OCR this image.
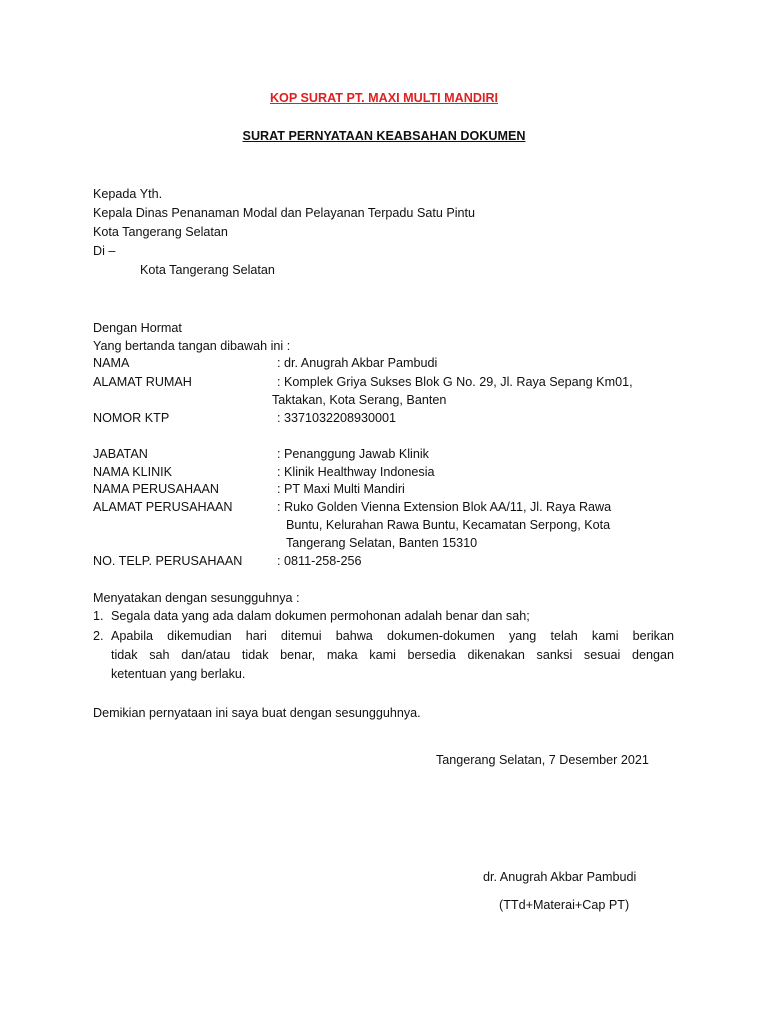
KOP SURAT PT. MAXI MULTI MANDIRI
SURAT PERNYATAAN KEABSAHAN DOKUMEN
Kepada Yth.
Kepala Dinas Penanaman Modal dan Pelayanan Terpadu Satu Pintu
Kota Tangerang Selatan
Di –
Kota Tangerang Selatan
Dengan Hormat
Yang bertanda tangan dibawah ini :
NAMA	: dr. Anugrah Akbar Pambudi
ALAMAT RUMAH	: Komplek Griya Sukses Blok G No. 29, Jl. Raya Sepang Km01,
Taktakan, Kota Serang, Banten
NOMOR KTP	: 3371032208930001
JABATAN	: Penanggung Jawab Klinik
NAMA KLINIK	: Klinik Healthway Indonesia
NAMA PERUSAHAAN	: PT Maxi Multi Mandiri
ALAMAT PERUSAHAAN	: Ruko Golden Vienna Extension Blok AA/11, Jl. Raya Rawa
Buntu, Kelurahan Rawa Buntu, Kecamatan Serpong, Kota
Tangerang Selatan, Banten 15310
NO. TELP. PERUSAHAAN	: 0811-258-256
Menyatakan dengan sesungguhnya :
1. Segala data yang ada dalam dokumen permohonan adalah benar dan sah;
2. Apabila dikemudian hari ditemui bahwa dokumen-dokumen yang telah kami berikan
tidak sah dan/atau tidak benar, maka kami bersedia dikenakan sanksi sesuai dengan
ketentuan yang berlaku.
Demikian pernyataan ini saya buat dengan sesungguhnya.
Tangerang Selatan, 7 Desember 2021
dr. Anugrah Akbar Pambudi
(TTd+Materai+Cap PT)
